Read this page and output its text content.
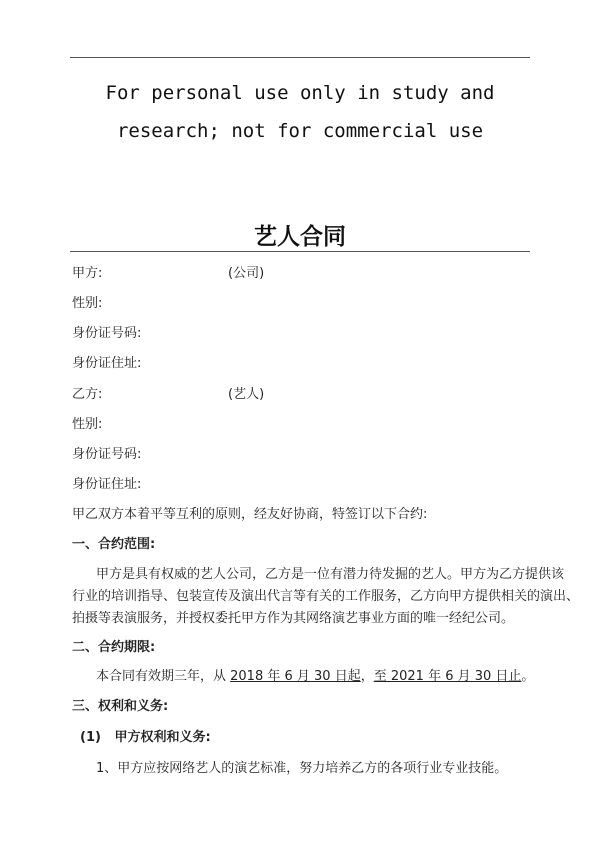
For personal use only in study and
research; not for commercial use
艺人合同
甲方:	(公司)
性别:
身份证号码:
身份证住址:
乙方:	(艺人)
性别:
身份证号码:
身份证住址:
甲乙双方本着平等互利的原则，经友好协商，特签订以下合约:
一、合约范围:
甲方是具有权威的艺人公司，乙方是一位有潜力待发掘的艺人。甲方为乙方提供该
行业的培训指导、包装宣传及演出代言等有关的工作服务，乙方向甲方提供相关的演出、
拍摄等表演服务，并授权委托甲方作为其网络演艺事业方面的唯一经纪公司。
二、合约期限:
本合同有效期三年，从 2018 年 6 月 30 日起，至 2021 年 6 月 30 日止。
三、权利和义务:
(1)   甲方权利和义务:
1、甲方应按网络艺人的演艺标准，努力培养乙方的各项行业专业技能。
